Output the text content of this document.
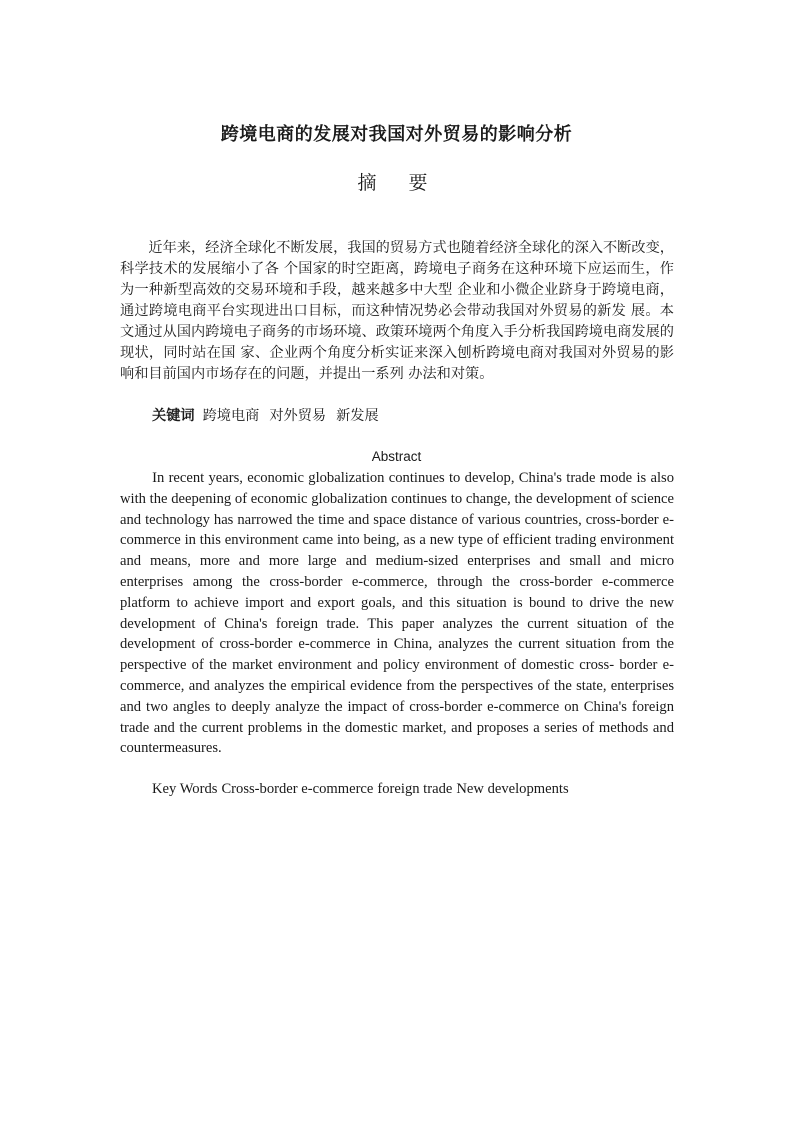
跨境电商的发展对我国对外贸易的影响分析
摘 要

近年来，经济全球化不断发展，我国的贸易方式也随着经济全球化的深入不断改变，科学技术的发展缩小了各 个国家的时空距离，跨境电子商务在这种环境下应运而生，作为一种新型高效的交易环境和手段，越来越多中大型 企业和小微企业跻身于跨境电商，通过跨境电商平台实现进出口目标，而这种情况势必会带动我国对外贸易的新发 展。本文通过从国内跨境电子商务的市场环境、政策环境两个角度入手分析我国跨境电商发展的现状，同时站在国 家、企业两个角度分析实证来深入刨析跨境电商对我国对外贸易的影响和目前国内市场存在的问题，并提出一系列 办法和对策。

关键词 跨境电商 对外贸易 新发展

Abstract

In recent years, economic globalization continues to develop, China's trade mode is also with the deepening of economic globalization continues to change, the development of science and technology has narrowed the time and space distance of various countries, cross-border e-commerce in this environment came into being, as a new type of efficient trading environment and means, more and more large and medium-sized enterprises and small and micro enterprises among the cross-border e-commerce, through the cross-border e-commerce platform to achieve import and export goals, and this situation is bound to drive the new development of China's foreign trade. This paper analyzes the current situation of the development of cross-border e-commerce in China, analyzes the current situation from the perspective of the market environment and policy environment of domestic cross- border e-commerce, and analyzes the empirical evidence from the perspectives of the state, enterprises and two angles to deeply analyze the impact of cross-border e-commerce on China's foreign trade and the current problems in the domestic market, and proposes a series of methods and countermeasures.

Key Words Cross-border e-commerce foreign trade New developments
